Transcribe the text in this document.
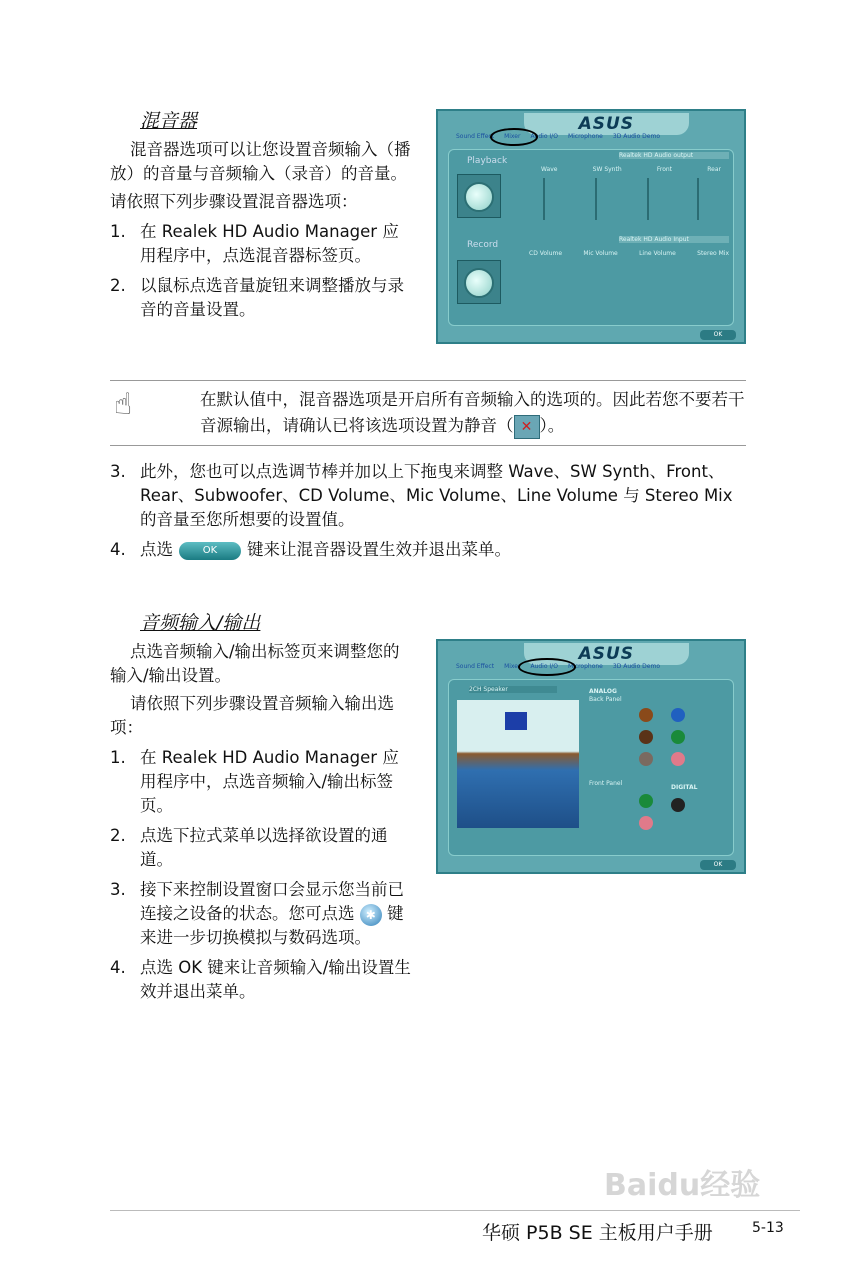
混音器

混音器选项可以让您设置音频输入（播放）的音量与音频输入（录音）的音量。

请依照下列步骤设置混音器选项：

1. 在 Realek HD Audio Manager 应用程序中，点选混音器标签页。
2. 以鼠标点选音量旋钮来调整播放与录音的音量设置。
ASUS
Sound Effect Mixer Audio I/O Microphone 3D Audio Demo
Playback
Wave	SW Synth	Front	Rear
Realtek HD Audio output
Record
Realtek HD Audio Input
CD Volume	Mic Volume	Line Volume	Stereo Mix
OK
☝	在默认值中，混音器选项是开启所有音频输入的选项的。因此若您不要若干音源输出，请确认已将该选项设置为静音（ ✕ ）。

3. 此外，您也可以点选调节棒并加以上下拖曳来调整 Wave、SW Synth、Front、Rear、Subwoofer、CD Volume、Mic Volume、Line Volume 与 Stereo Mix 的音量至您所想要的设置值。
4. 点选	OK 键来让混音器设置生效并退出菜单。
音频输入/输出

点选音频输入/输出标签页来调整您的输入/输出设置。

请依照下列步骤设置音频输入输出选项：

1. 在 Realek HD Audio Manager 应用程序中，点选音频输入/输出标签页。
2. 点选下拉式菜单以选择欲设置的通道。
3. 接下来控制设置窗口会显示您当前已连接之设备的状态。您可点选 ✱ 键来进一步切换模拟与数码选项。
4. 点选 OK 键来让音频输入/输出设置生效并退出菜单。
ASUS
Sound Effect Mixer Audio I/O Microphone 3D Audio Demo
2CH Speaker	ANALOG
Back Panel
Front Panel
DIGITAL
OK
Baidu经验
华硕 P5B SE 主板用户手册	5-13
